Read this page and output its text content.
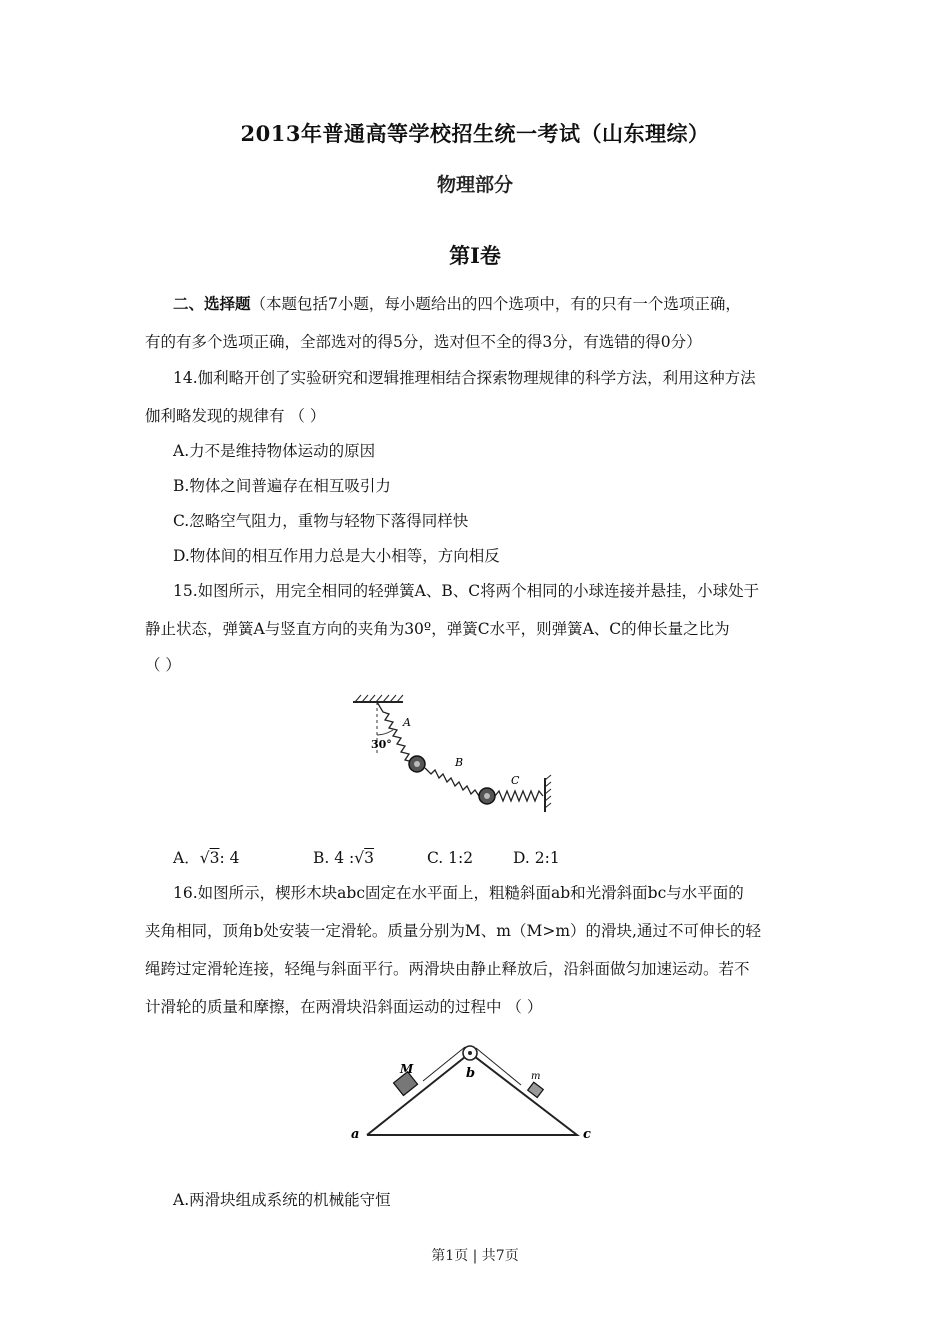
2013年普通高等学校招生统一考试（山东理综）
物理部分
第Ⅰ卷
二、选择题（本题包括7小题，每小题给出的四个选项中，有的只有一个选项正确，
有的有多个选项正确，全部选对的得5分，选对但不全的得3分，有选错的得0分）
14.伽利略开创了实验研究和逻辑推理相结合探索物理规律的科学方法，利用这种方法
伽利略发现的规律有 （ ）
A.力不是维持物体运动的原因
B.物体之间普遍存在相互吸引力
C.忽略空气阻力，重物与轻物下落得同样快
D.物体间的相互作用力总是大小相等，方向相反
15.如图所示，用完全相同的轻弹簧A、B、C将两个相同的小球连接并悬挂，小球处于
静止状态，弹簧A与竖直方向的夹角为30º，弹簧C水平，则弹簧A、C的伸长量之比为
（ ）
30°
A
B
C
A．√3: 4	B. 4 :√3	C. 1:2	D. 2:1
16.如图所示，楔形木块abc固定在水平面上，粗糙斜面ab和光滑斜面bc与水平面的
夹角相同，顶角b处安装一定滑轮。质量分别为M、m（M>m）的滑块,通过不可伸长的轻
绳跨过定滑轮连接，轻绳与斜面平行。两滑块由静止释放后，沿斜面做匀加速运动。若不
计滑轮的质量和摩擦，在两滑块沿斜面运动的过程中 （ ）
a
b
c
M
m
A.两滑块组成系统的机械能守恒
第1页 | 共7页
